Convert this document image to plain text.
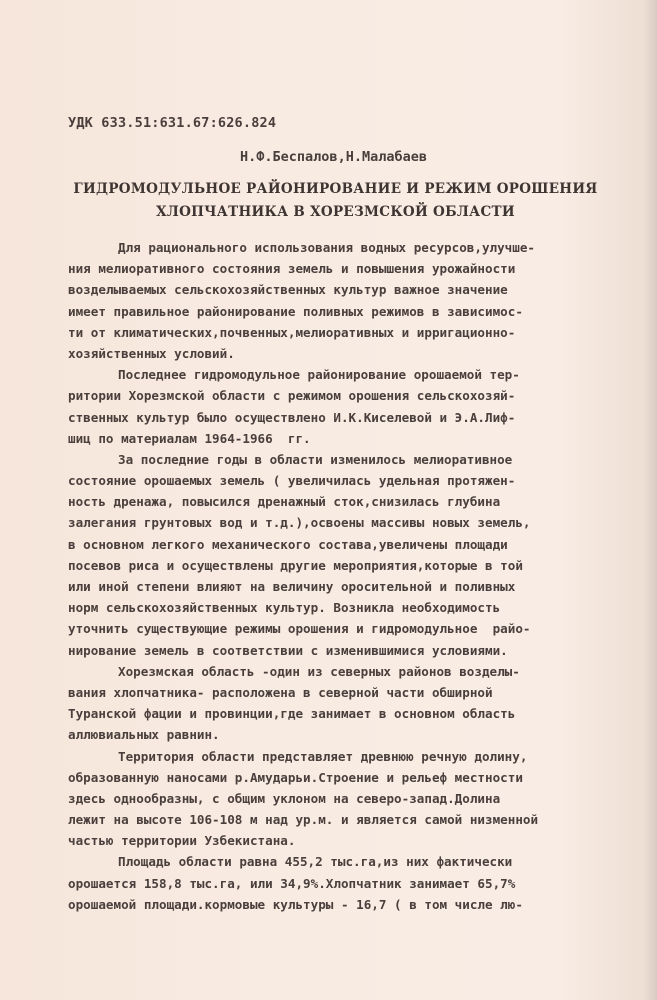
УДК 633.51:631.67:626.824
Н.Ф.Беспалов,Н.Малабаев
ГИДРОМОДУЛЬНОЕ РАЙОНИРОВАНИЕ И РЕЖИМ ОРОШЕНИЯ
ХЛОПЧАТНИКА В ХОРЕЗМСКОЙ ОБЛАСТИ
Для рационального использования водных ресурсов,улучше-
ния мелиоративного состояния земель и повышения урожайности
возделываемых сельскохозяйственных культур важное значение
имеет правильное районирование поливных режимов в зависимос-
ти от климатических,почвенных,мелиоративных и ирригационно-
хозяйственных условий.
Последнее гидромодульное районирование орошаемой тер-
ритории Хорезмской области с режимом орошения сельскохозяй-
ственных культур было осуществлено И.К.Киселевой и Э.А.Лиф-
шиц по материалам 1964-1966  гг.
За последние годы в области изменилось мелиоративное
состояние орошаемых земель ( увеличилась удельная протяжен-
ность дренажа, повысился дренажный сток,снизилась глубина
залегания грунтовых вод и т.д.),освоены массивы новых земель,
в основном легкого механического состава,увеличены площади
посевов риса и осуществлены другие мероприятия,которые в той
или иной степени влияют на величину оросительной и поливных
норм сельскохозяйственных культур. Возникла необходимость
уточнить существующие режимы орошения и гидромодульное  райо-
нирование земель в соответствии с изменившимися условиями.
Хорезмская область -один из северных районов возделы-
вания хлопчатника- расположена в северной части обширной
Туранской фации и провинции,где занимает в основном область
аллювиальных равнин.
Территория области представляет древнюю речную долину,
образованную наносами р.Амударьи.Строение и рельеф местности
здесь однообразны, с общим уклоном на северо-запад.Долина
лежит на высоте 106-108 м над ур.м. и является самой низменной
частью территории Узбекистана.
Площадь области равна 455,2 тыс.га,из них фактически
орошается 158,8 тыс.га, или 34,9%.Хлопчатник занимает 65,7%
орошаемой площади.кормовые культуры - 16,7 ( в том числе лю-
